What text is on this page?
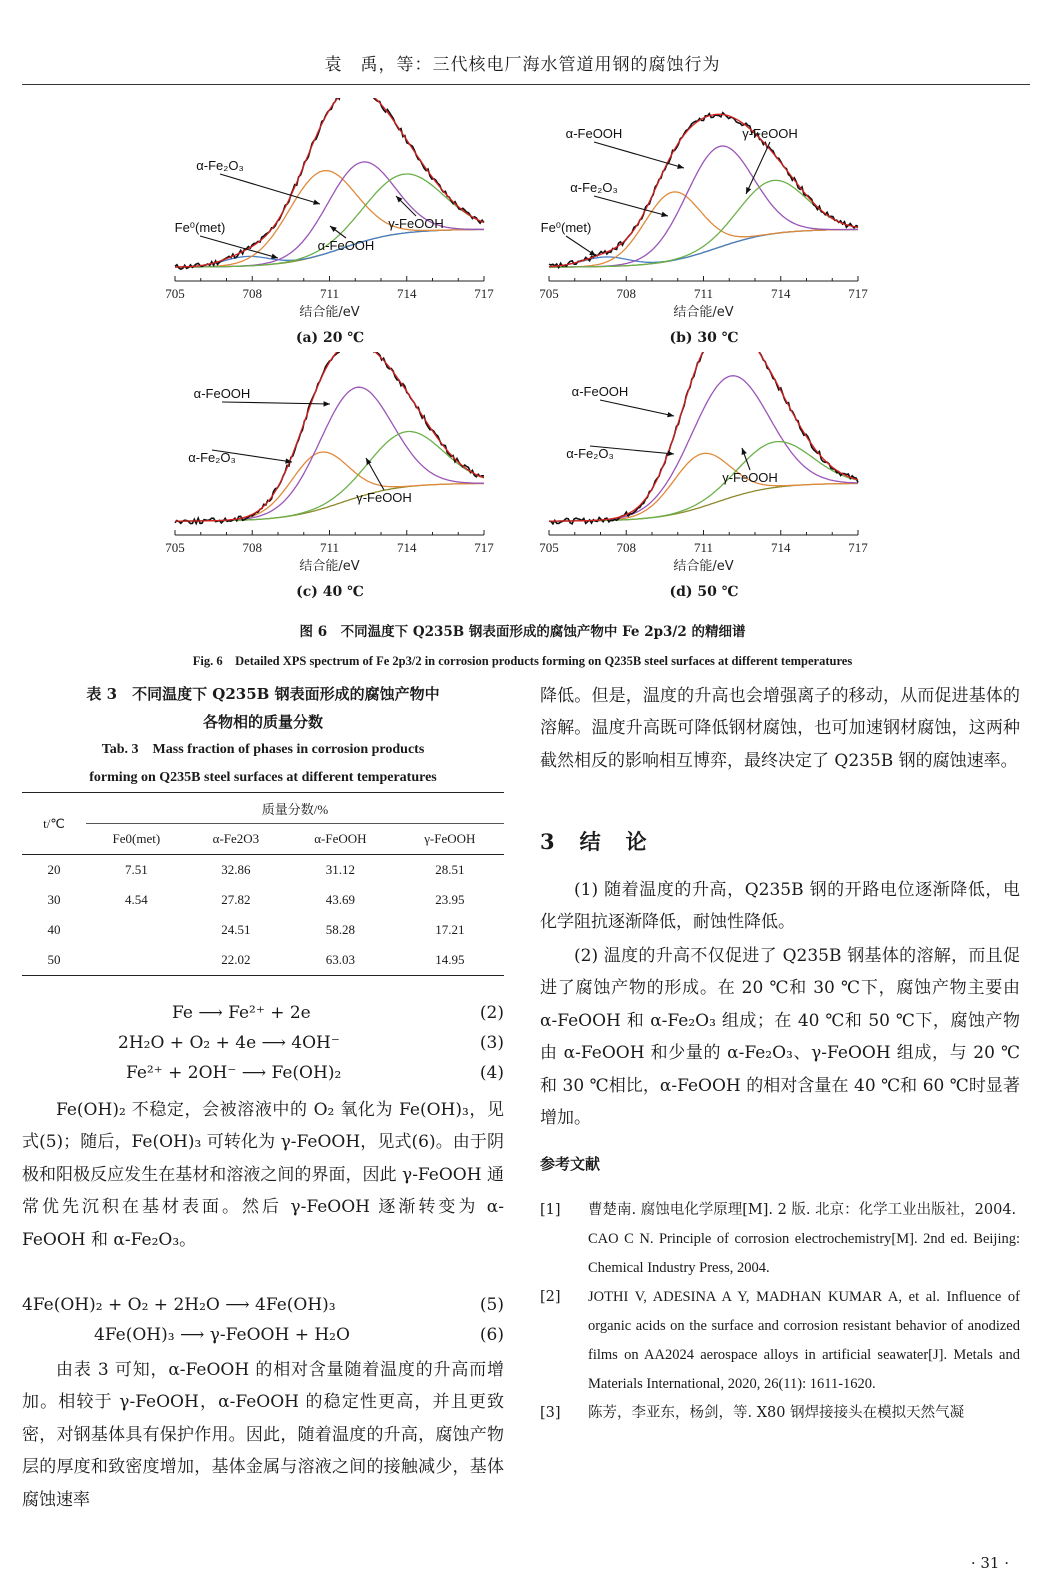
袁　禹，等：三代核电厂海水管道用钢的腐蚀行为
705	708	711	714	717
结合能/eV
α-Fe₂O₃
Fe⁰(met)
α-FeOOH
γ-FeOOH
(a) 20 ℃
705	708	711	714	717
结合能/eV
α-FeOOH	γ-FeOOH
α-Fe₂O₃
Fe⁰(met)
(b) 30 ℃
705	708	711	714	717
结合能/eV
α-FeOOH
α-Fe₂O₃
γ-FeOOH
(c) 40 ℃
705	708	711	714	717
结合能/eV
α-FeOOH
α-Fe₂O₃
γ-FeOOH
(d) 50 ℃
图 6　不同温度下 Q235B 钢表面形成的腐蚀产物中 Fe 2p3/2 的精细谱
Fig. 6　Detailed XPS spectrum of Fe 2p3/2 in corrosion products forming on Q235B steel surfaces at different temperatures
表 3　不同温度下 Q235B 钢表面形成的腐蚀产物中
各物相的质量分数
Tab. 3　Mass fraction of phases in corrosion products
forming on Q235B steel surfaces at different temperatures
t/℃	质量分数/%			
	Fe0(met)	α-Fe2O3	α-FeOOH	γ-FeOOH
20	7.51	32.86	31.12	28.51
30	4.54	27.82	43.69	23.95
40		24.51	58.28	17.21
50		22.02	63.03	14.95
Fe ⟶ Fe²⁺ + 2e	(2)
2H₂O + O₂ + 4e ⟶ 4OH⁻	(3)
Fe²⁺ + 2OH⁻ ⟶ Fe(OH)₂	(4)

Fe(OH)₂ 不稳定，会被溶液中的 O₂ 氧化为 Fe(OH)₃，见式(5)；随后，Fe(OH)₃ 可转化为 γ-FeOOH，见式(6)。由于阴极和阳极反应发生在基材和溶液之间的界面，因此 γ-FeOOH 通常优先沉积在基材表面。然后 γ-FeOOH 逐渐转变为 α-FeOOH 和 α-Fe₂O₃。

4Fe(OH)₂ + O₂ + 2H₂O ⟶ 4Fe(OH)₃	(5)
4Fe(OH)₃ ⟶ γ-FeOOH + H₂O	(6)

由表 3 可知，α-FeOOH 的相对含量随着温度的升高而增加。相较于 γ-FeOOH，α-FeOOH 的稳定性更高，并且更致密，对钢基体具有保护作用。因此，随着温度的升高，腐蚀产物层的厚度和致密度增加，基体金属与溶液之间的接触减少，基体腐蚀速率

降低。但是，温度的升高也会增强离子的移动，从而促进基体的溶解。温度升高既可降低钢材腐蚀，也可加速钢材腐蚀，这两种截然相反的影响相互博弈，最终决定了 Q235B 钢的腐蚀速率。

3　结　论

(1) 随着温度的升高，Q235B 钢的开路电位逐渐降低，电化学阻抗逐渐降低，耐蚀性降低。

(2) 温度的升高不仅促进了 Q235B 钢基体的溶解，而且促进了腐蚀产物的形成。在 20 ℃和 30 ℃下，腐蚀产物主要由 α-FeOOH 和 α-Fe₂O₃ 组成；在 40 ℃和 50 ℃下，腐蚀产物由 α-FeOOH 和少量的 α-Fe₂O₃、γ-FeOOH 组成，与 20 ℃和 30 ℃相比，α-FeOOH 的相对含量在 40 ℃和 60 ℃时显著增加。

参考文献
[1] 曹楚南. 腐蚀电化学原理[M]. 2 版. 北京：化学工业出版社，2004.
CAO C N. Principle of corrosion electrochemistry[M]. 2nd ed. Beijing: Chemical Industry Press, 2004.
[2] JOTHI V, ADESINA A Y, MADHAN KUMAR A, et al. Influence of organic acids on the surface and corrosion resistant behavior of anodized films on AA2024 aerospace alloys in artificial seawater[J]. Metals and Materials International, 2020, 26(11): 1611-1620.
[3] 陈芳，李亚东，杨剑，等. X80 钢焊接接头在模拟天然气凝
· 31 ·
